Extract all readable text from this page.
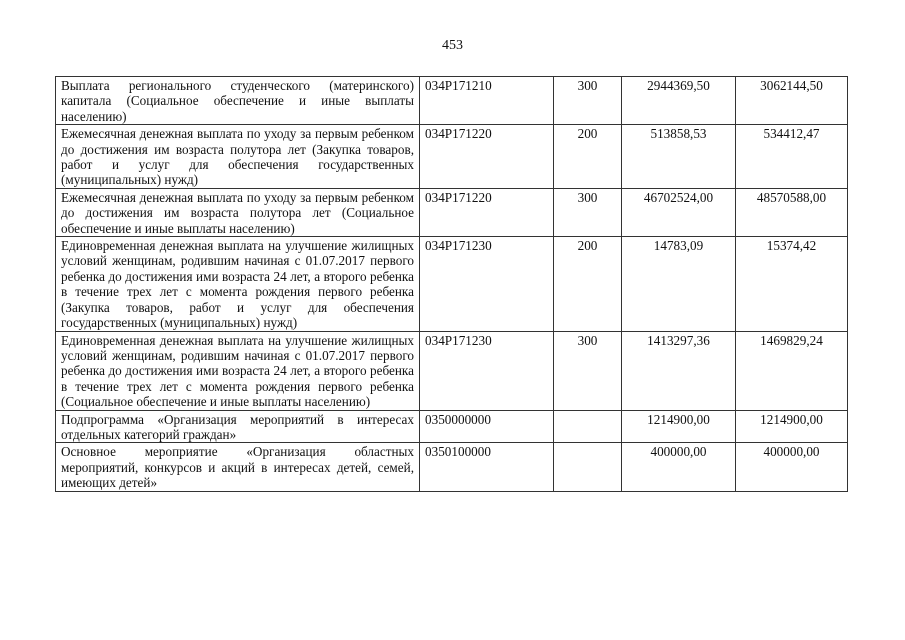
453
Выплата регионального студенческого (материнского) капитала (Социальное обеспечение и иные выплаты населению)	034P171210	300	2944369,50	3062144,50
Ежемесячная денежная выплата по уходу за первым ребенком до достижения им возраста полутора лет (Закупка товаров, работ и услуг для обеспечения государственных (муниципальных) нужд)	034P171220	200	513858,53	534412,47
Ежемесячная денежная выплата по уходу за первым ребенком до достижения им возраста полутора лет (Социальное обеспечение и иные выплаты населению)	034P171220	300	46702524,00	48570588,00
Единовременная денежная выплата на улучшение жилищных условий женщинам, родившим начиная с 01.07.2017 первого ребенка до достижения ими возраста 24 лет, а второго ребенка в течение трех лет с момента рождения первого ребенка (Закупка товаров, работ и услуг для обеспечения государственных (муниципальных) нужд)	034P171230	200	14783,09	15374,42
Единовременная денежная выплата на улучшение жилищных условий женщинам, родившим начиная с 01.07.2017 первого ребенка до достижения ими возраста 24 лет, а второго ребенка в течение трех лет с момента рождения первого ребенка (Социальное обеспечение и иные выплаты населению)	034P171230	300	1413297,36	1469829,24
Подпрограмма «Организация мероприятий в интересах отдельных категорий граждан»	0350000000		1214900,00	1214900,00
Основное мероприятие «Организация областных мероприятий, конкурсов и акций в интересах детей, семей, имеющих детей»	0350100000		400000,00	400000,00
